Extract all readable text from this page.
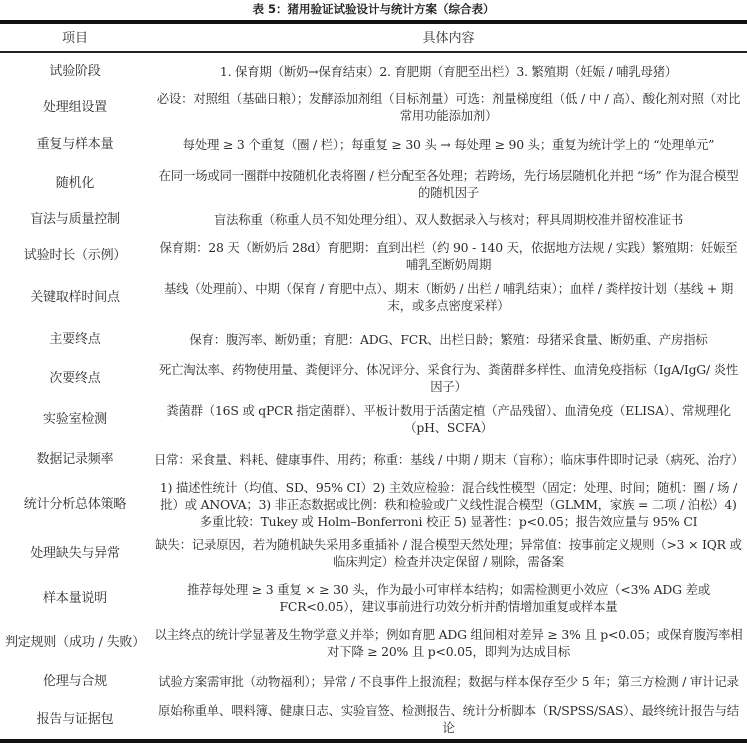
表 5：猪用验证试验设计与统计方案（综合表）
项目	具体内容
试验阶段	1. 保育期（断奶→保育结束）2. 育肥期（育肥至出栏）3. 繁殖期（妊娠 / 哺乳母猪）
处理组设置	必设：对照组（基础日粮）；发酵添加剂组（目标剂量）可选：剂量梯度组（低 / 中 / 高）、酸化剂对照（对比常用功能添加剂）
重复与样本量	每处理 ≥ 3 个重复（圈 / 栏）；每重复 ≥ 30 头 → 每处理 ≥ 90 头；重复为统计学上的 “处理单元”
随机化	在同一场或同一圈群中按随机化表将圈 / 栏分配至各处理；若跨场，先行场层随机化并把 “场” 作为混合模型的随机因子
盲法与质量控制	盲法称重（称重人员不知处理分组）、双人数据录入与核对；秤具周期校准并留校准证书
试验时长（示例）	保育期：28 天（断奶后 28d）育肥期：直到出栏（约 90 - 140 天，依据地方法规 / 实践）繁殖期：妊娠至哺乳至断奶周期
关键取样时间点	基线（处理前）、中期（保育 / 育肥中点）、期末（断奶 / 出栏 / 哺乳结束）；血样 / 粪样按计划（基线 + 期末，或多点密度采样）
主要终点	保育：腹泻率、断奶重；育肥：ADG、FCR、出栏日龄；繁殖：母猪采食量、断奶重、产房指标
次要终点	死亡淘汰率、药物使用量、粪便评分、体况评分、采食行为、粪菌群多样性、血清免疫指标（IgA/IgG/ 炎性因子）
实验室检测	粪菌群（16S 或 qPCR 指定菌群）、平板计数用于活菌定植（产品残留）、血清免疫（ELISA）、常规理化（pH、SCFA）
数据记录频率	日常：采食量、料耗、健康事件、用药；称重：基线 / 中期 / 期末（盲称）；临床事件即时记录（病死、治疗）
统计分析总体策略	1) 描述性统计（均值、SD、95% CI）2) 主效应检验：混合线性模型（固定：处理、时间；随机：圈 / 场 / 批）或 ANOVA；3) 非正态数据或比例：秩和检验或广义线性混合模型（GLMM，家族 = 二项 / 泊松）4) 多重比较：Tukey 或 Holm–Bonferroni 校正 5) 显著性：p<0.05；报告效应量与 95% CI
处理缺失与异常	缺失：记录原因，若为随机缺失采用多重插补 / 混合模型天然处理；异常值：按事前定义规则（>3 × IQR 或临床判定）检查并决定保留 / 剔除，需备案
样本量说明	推荐每处理 ≥ 3 重复 × ≥ 30 头，作为最小可审样本结构；如需检测更小效应（<3% ADG 差或 FCR<0.05），建议事前进行功效分析并酌情增加重复或样本量
判定规则（成功 / 失败）	以主终点的统计学显著及生物学意义并举；例如育肥 ADG 组间相对差异 ≥ 3% 且 p<0.05；或保育腹泻率相对下降 ≥ 20% 且 p<0.05，即判为达成目标
伦理与合规	试验方案需审批（动物福利）；异常 / 不良事件上报流程；数据与样本保存至少 5 年；第三方检测 / 审计记录
报告与证据包	原始称重单、喂料簿、健康日志、实验盲签、检测报告、统计分析脚本（R/SPSS/SAS）、最终统计报告与结论
